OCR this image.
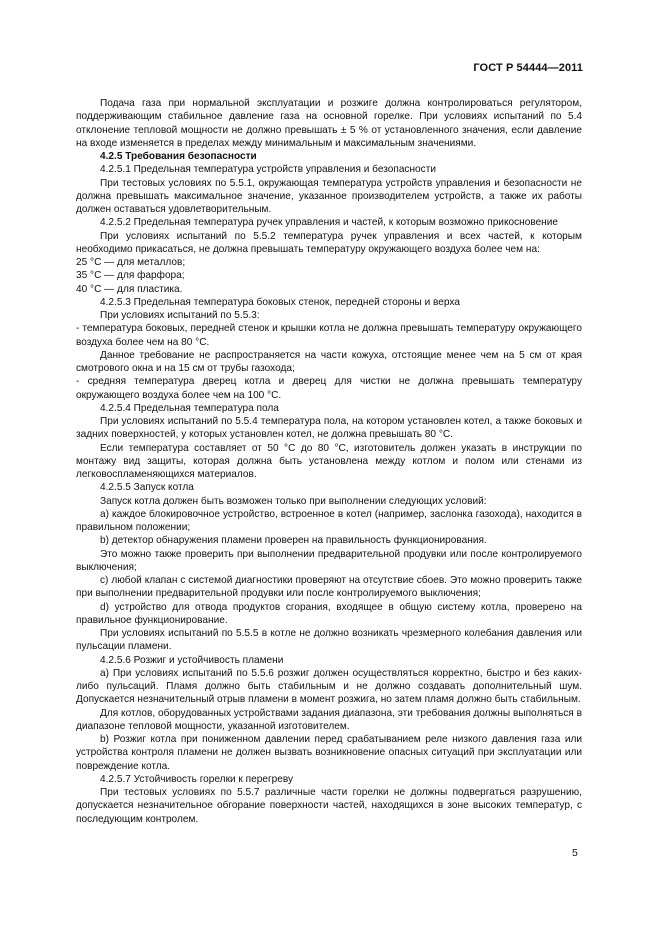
ГОСТ Р 54444—2011

Подача газа при нормальной эксплуатации и розжиге должна контролироваться регулятором, поддерживающим стабильное давление газа на основной горелке. При условиях испытаний по 5.4 отклонение тепловой мощности не должно превышать ± 5 % от установленного значения, если давление на входе изменяется в пределах между минимальным и максимальным значениями.

4.2.5 Требования безопасности

4.2.5.1 Предельная температура устройств управления и безопасности

При тестовых условиях по 5.5.1, окружающая температура устройств управления и безопасности не должна превышать максимальное значение, указанное производителем устройств, а также их работы должен оставаться удовлетворительным.

4.2.5.2 Предельная температура ручек управления и частей, к которым возможно прикосновение

При условиях испытаний по 5.5.2 температура ручек управления и всех частей, к которым необходимо прикасаться, не должна превышать температуру окружающего воздуха более чем на:

25 °С — для металлов;

35 °С — для фарфора;

40 °С — для пластика.

4.2.5.3 Предельная температура боковых стенок, передней стороны и верха

При условиях испытаний по 5.5.3:

- температура боковых, передней стенок и крышки котла не должна превышать температуру окружающего воздуха более чем на 80 °С.

Данное требование не распространяется на части кожуха, отстоящие менее чем на 5 см от края смотрового окна и на 15 см от трубы газохода;

- средняя температура дверец котла и дверец для чистки не должна превышать температуру окружающего воздуха более чем на 100 °С.

4.2.5.4 Предельная температура пола

При условиях испытаний по 5.5.4 температура пола, на котором установлен котел, а также боковых и задних поверхностей, у которых установлен котел, не должна превышать 80 °С.

Если температура составляет от 50 °С до 80 °С, изготовитель должен указать в инструкции по монтажу вид защиты, которая должна быть установлена между котлом и полом или стенами из легковоспламеняющихся материалов.

4.2.5.5 Запуск котла

Запуск котла должен быть возможен только при выполнении следующих условий:

a) каждое блокировочное устройство, встроенное в котел (например, заслонка газохода), находится в правильном положении;

b) детектор обнаружения пламени проверен на правильность функционирования.

Это можно также проверить при выполнении предварительной продувки или после контролируемого выключения;

c) любой клапан с системой диагностики проверяют на отсутствие сбоев. Это можно проверить также при выполнении предварительной продувки или после контролируемого выключения;

d) устройство для отвода продуктов сгорания, входящее в общую систему котла, проверено на правильное функционирование.

При условиях испытаний по 5.5.5 в котле не должно возникать чрезмерного колебания давления или пульсации пламени.

4.2.5.6 Розжиг и устойчивость пламени

a) При условиях испытаний по 5.5.6 розжиг должен осуществляться корректно, быстро и без каких-либо пульсаций. Пламя должно быть стабильным и не должно создавать дополнительный шум. Допускается незначительный отрыв пламени в момент розжига, но затем пламя должно быть стабильным.

Для котлов, оборудованных устройствами задания диапазона, эти требования должны выполняться в диапазоне тепловой мощности, указанной изготовителем.

b) Розжиг котла при пониженном давлении перед срабатыванием реле низкого давления газа или устройства контроля пламени не должен вызвать возникновение опасных ситуаций при эксплуатации или повреждение котла.

4.2.5.7 Устойчивость горелки к перегреву

При тестовых условиях по 5.5.7 различные части горелки не должны подвергаться разрушению, допускается незначительное обгорание поверхности частей, находящихся в зоне высоких температур, с последующим контролем.

5
